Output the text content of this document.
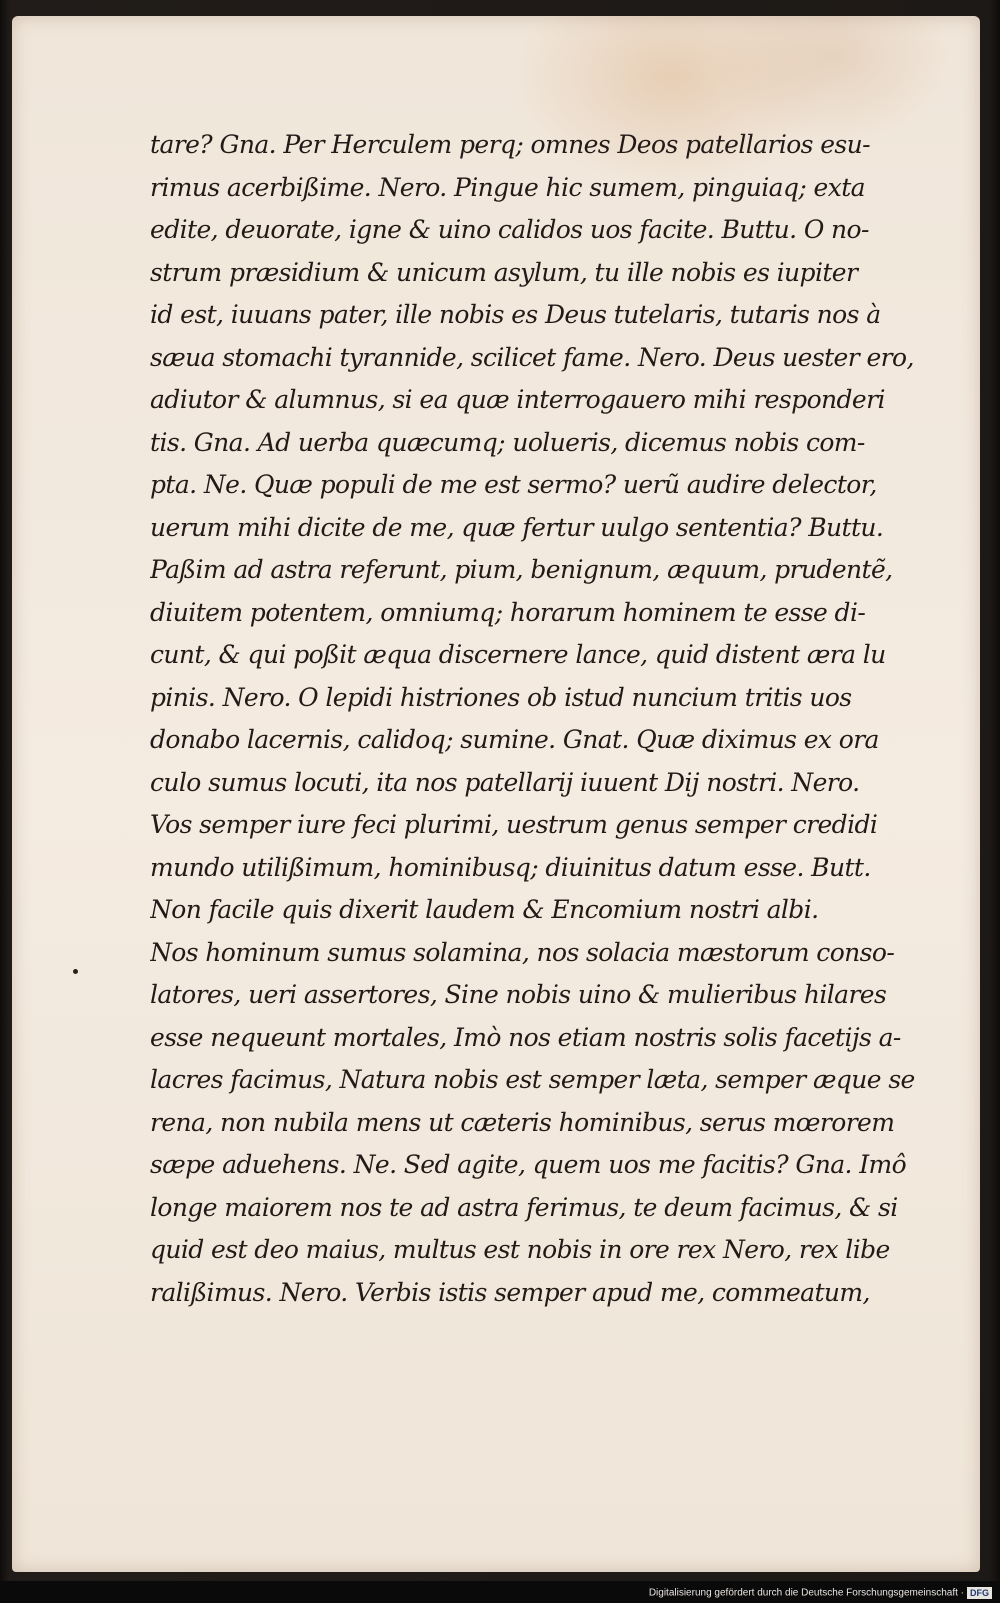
tare? Gna. Per Herculem perq; omnes Deos patellarios esu-
rimus acerbißime. Nero. Pingue hic sumem, pinguiaq; exta
edite, deuorate, igne & uino calidos uos facite. Buttu. O no-
strum præsidium & unicum asylum, tu ille nobis es iupiter
id est, iuuans pater, ille nobis es Deus tutelaris, tutaris nos à
sæua stomachi tyrannide, scilicet fame. Nero. Deus uester ero,
adiutor & alumnus, si ea quæ interrogauero mihi responderi
tis. Gna. Ad uerba quæcumq; uolueris, dicemus nobis com-
pta. Ne. Quæ populi de me est sermo? uerũ audire delector,
uerum mihi dicite de me, quæ fertur uulgo sententia? Buttu.
Paßim ad astra referunt, pium, benignum, æquum, prudentẽ,
diuitem potentem, omniumq; horarum hominem te esse di-
cunt, & qui poßit æqua discernere lance, quid distent æra lu
pinis. Nero. O lepidi histriones ob istud nuncium tritis uos
donabo lacernis, calidoq; sumine. Gnat. Quæ diximus ex ora
culo sumus locuti, ita nos patellarij iuuent Dij nostri. Nero.
Vos semper iure feci plurimi, uestrum genus semper credidi
mundo utilißimum, hominibusq; diuinitus datum esse. Butt.
Non facile quis dixerit laudem & Encomium nostri albi.
Nos hominum sumus solamina, nos solacia mæstorum conso-
latores, ueri assertores, Sine nobis uino & mulieribus hilares
esse nequeunt mortales, Imò nos etiam nostris solis facetijs a-
lacres facimus, Natura nobis est semper læta, semper æque se
rena, non nubila mens ut cæteris hominibus, serus mœrorem
sæpe aduehens. Ne. Sed agite, quem uos me facitis? Gna. Imô
longe maiorem nos te ad astra ferimus, te deum facimus, & si
quid est deo maius, multus est nobis in ore rex Nero, rex libe
ralißimus. Nero. Verbis istis semper apud me, commeatum,
Digitalisierung gefördert durch die Deutsche Forschungsgemeinschaft · DFG
